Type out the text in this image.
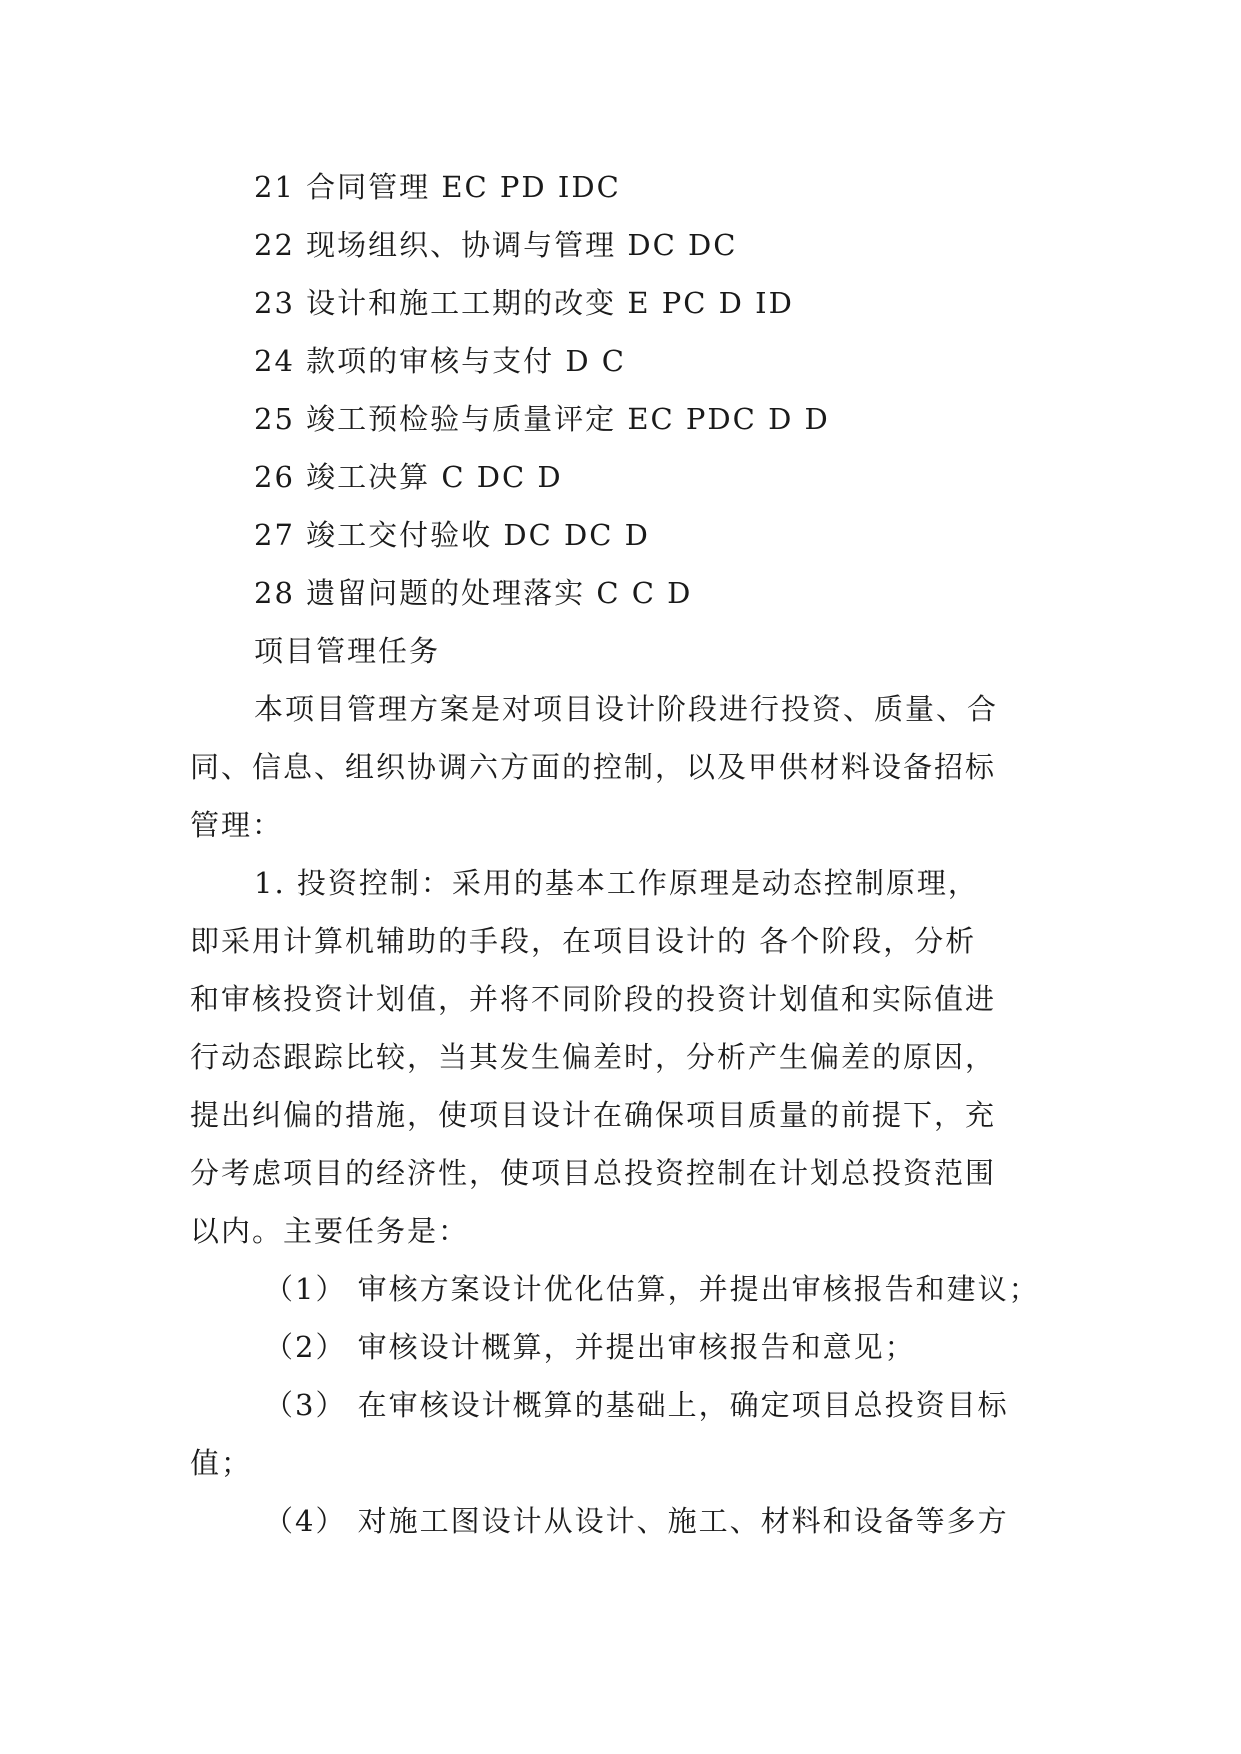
21 合同管理 EC PD IDC
22 现场组织、协调与管理 DC DC
23 设计和施工工期的改变 E PC D ID
24 款项的审核与支付 D C
25 竣工预检验与质量评定 EC PDC D D
26 竣工决算 C DC D
27 竣工交付验收 DC DC D
28 遗留问题的处理落实 C C D
项目管理任务
本项目管理方案是对项目设计阶段进行投资、质量、合
同、信息、组织协调六方面的控制，以及甲供材料设备招标
管理：
1. 投资控制：采用的基本工作原理是动态控制原理，
即采用计算机辅助的手段，在项目设计的 各个阶段，分析
和审核投资计划值，并将不同阶段的投资计划值和实际值进
行动态跟踪比较，当其发生偏差时，分析产生偏差的原因，
提出纠偏的措施，使项目设计在确保项目质量的前提下，充
分考虑项目的经济性，使项目总投资控制在计划总投资范围
以内。主要任务是：
（1） 审核方案设计优化估算，并提出审核报告和建议；
（2） 审核设计概算，并提出审核报告和意见；
（3） 在审核设计概算的基础上，确定项目总投资目标
值；
（4） 对施工图设计从设计、施工、材料和设备等多方
